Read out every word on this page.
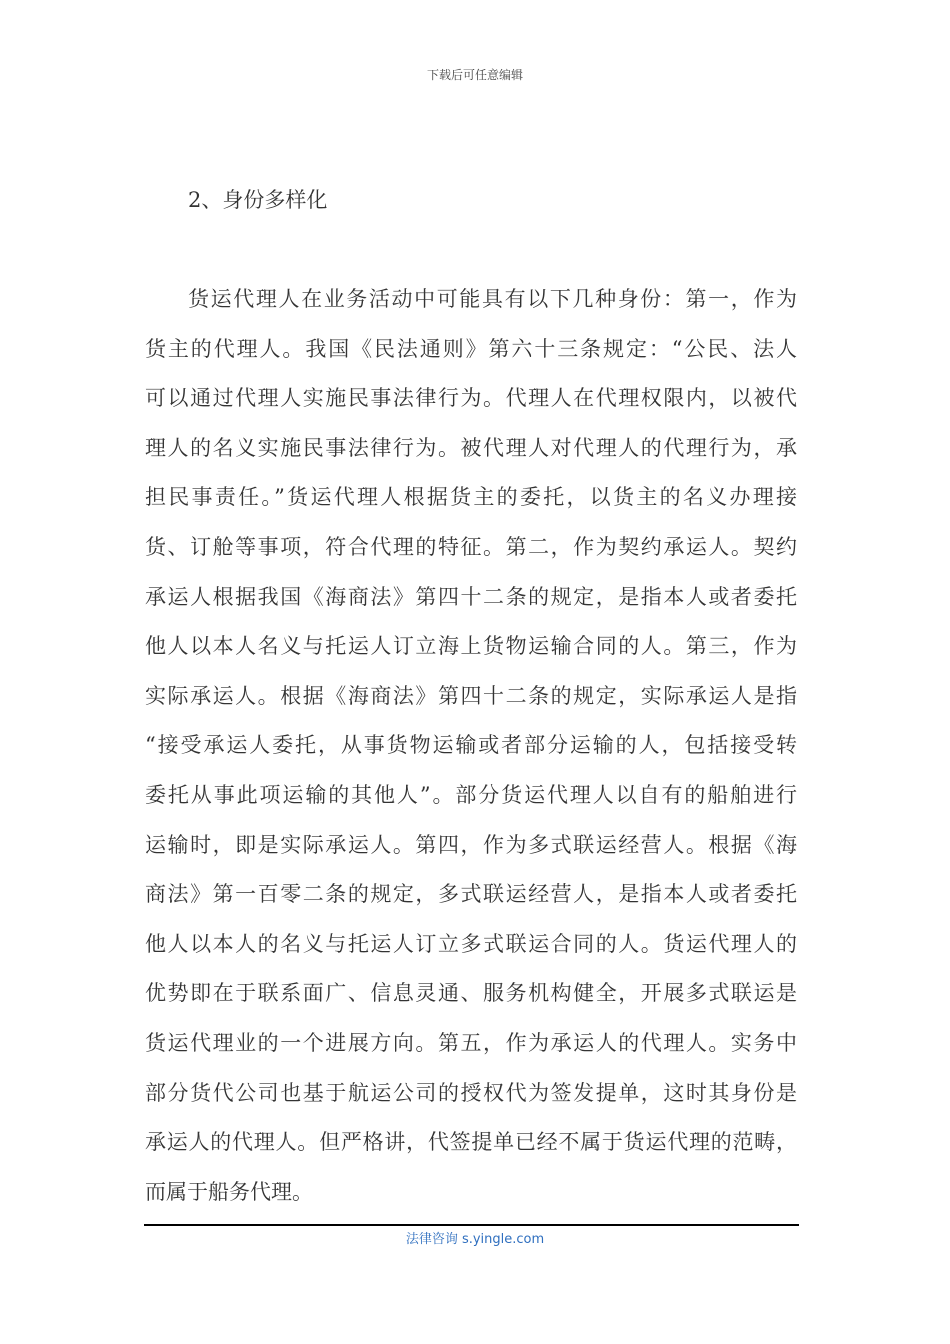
下载后可任意编辑
2、身份多样化
货运代理人在业务活动中可能具有以下几种身份：第一，作为
货主的代理人。我国《民法通则》第六十三条规定：“公民、法人
可以通过代理人实施民事法律行为。代理人在代理权限内，以被代
理人的名义实施民事法律行为。被代理人对代理人的代理行为，承
担民事责任。”货运代理人根据货主的委托，以货主的名义办理接
货、订舱等事项，符合代理的特征。第二，作为契约承运人。契约
承运人根据我国《海商法》第四十二条的规定，是指本人或者委托
他人以本人名义与托运人订立海上货物运输合同的人。第三，作为
实际承运人。根据《海商法》第四十二条的规定，实际承运人是指
“接受承运人委托，从事货物运输或者部分运输的人，包括接受转
委托从事此项运输的其他人”。部分货运代理人以自有的船舶进行
运输时，即是实际承运人。第四，作为多式联运经营人。根据《海
商法》第一百零二条的规定，多式联运经营人，是指本人或者委托
他人以本人的名义与托运人订立多式联运合同的人。货运代理人的
优势即在于联系面广、信息灵通、服务机构健全，开展多式联运是
货运代理业的一个进展方向。第五，作为承运人的代理人。实务中
部分货代公司也基于航运公司的授权代为签发提单，这时其身份是
承运人的代理人。但严格讲，代签提单已经不属于货运代理的范畴，
而属于船务代理。
法律咨询 s.yingle.com
